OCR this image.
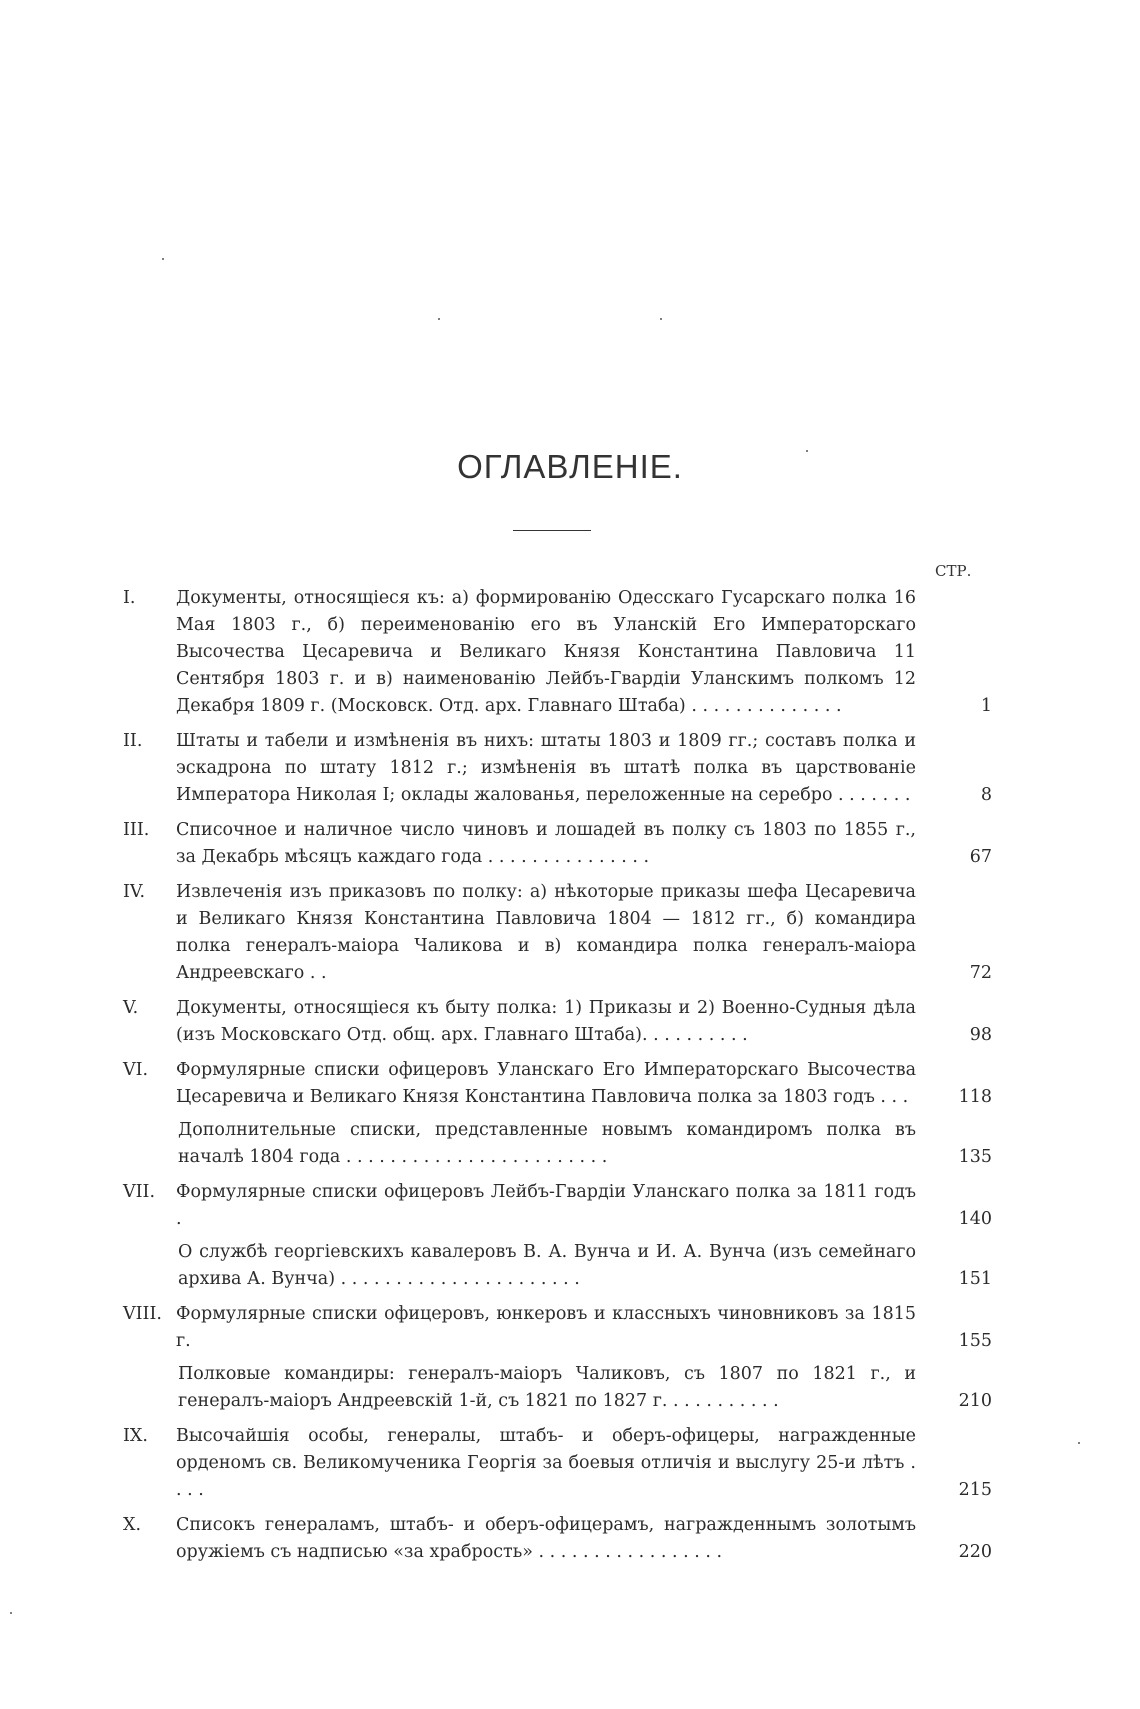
ОГЛАВЛЕНІЕ.
СТР.
I.	Документы, относящіеся къ: а) формированію Одесскаго Гусарскаго полка 16 Мая 1803 г., б) переименованію его въ Уланскій Его Императорскаго Высочества Цесаревича и Великаго Князя Константина Павловича 11 Сентября 1803 г. и в) наименованію Лейбъ-Гвардіи Уланскимъ полкомъ 12 Декабря 1809 г. (Московск. Отд. арх. Главнаго Штаба) . . . . . . . . . . . . . .	1
II.	Штаты и табели и измѣненія въ нихъ: штаты 1803 и 1809 гг.; составъ полка и эскадрона по штату 1812 г.; измѣненія въ штатѣ полка въ царствованіе Императора Николая I; оклады жалованья, переложенные на серебро . . . . . . .	8
III.	Списочное и наличное число чиновъ и лошадей въ полку съ 1803 по 1855 г., за Декабрь мѣсяцъ каждаго года . . . . . . . . . . . . . . .	67
IV.	Извлеченія изъ приказовъ по полку: а) нѣкоторые приказы шефа Цесаревича и Великаго Князя Константина Павловича 1804 — 1812 гг., б) командира полка генералъ-маіора Чаликова и в) командира полка генералъ-маіора Андреевскаго . .	72
V.	Документы, относящіеся къ быту полка: 1) Приказы и 2) Военно-Судныя дѣла (изъ Московскаго Отд. общ. арх. Главнаго Штаба). . . . . . . . . .	98
VI.	Формулярные списки офицеровъ Уланскаго Его Императорскаго Высочества Цесаревича и Великаго Князя Константина Павловича полка за 1803 годъ . . .	118
Дополнительные списки, представленные новымъ командиромъ полка въ началѣ 1804 года . . . . . . . . . . . . . . . . . . . . . . . .	135
VII.	Формулярные списки офицеровъ Лейбъ-Гвардіи Уланскаго полка за 1811 годъ .	140
О службѣ георгіевскихъ кавалеровъ В. А. Вунча и И. А. Вунча (изъ семейнаго архива А. Вунча) . . . . . . . . . . . . . . . . . . . . . .	151
VIII. Формулярные списки офицеровъ, юнкеровъ и классныхъ чиновниковъ за 1815 г.	155
Полковые командиры: генералъ-маіоръ Чаликовъ, съ 1807 по 1821 г., и генералъ-маіоръ Андреевскій 1-й, съ 1821 по 1827 г. . . . . . . . . . .	210
IX.	Высочайшія особы, генералы, штабъ- и оберъ-офицеры, награжденные орденомъ св. Великомученика Георгія за боевыя отличія и выслугу 25-и лѣтъ . . . .	215
X.	Списокъ генераламъ, штабъ- и оберъ-офицерамъ, награжденнымъ золотымъ оружіемъ съ надписью «за храбрость» . . . . . . . . . . . . . . . . .	220
